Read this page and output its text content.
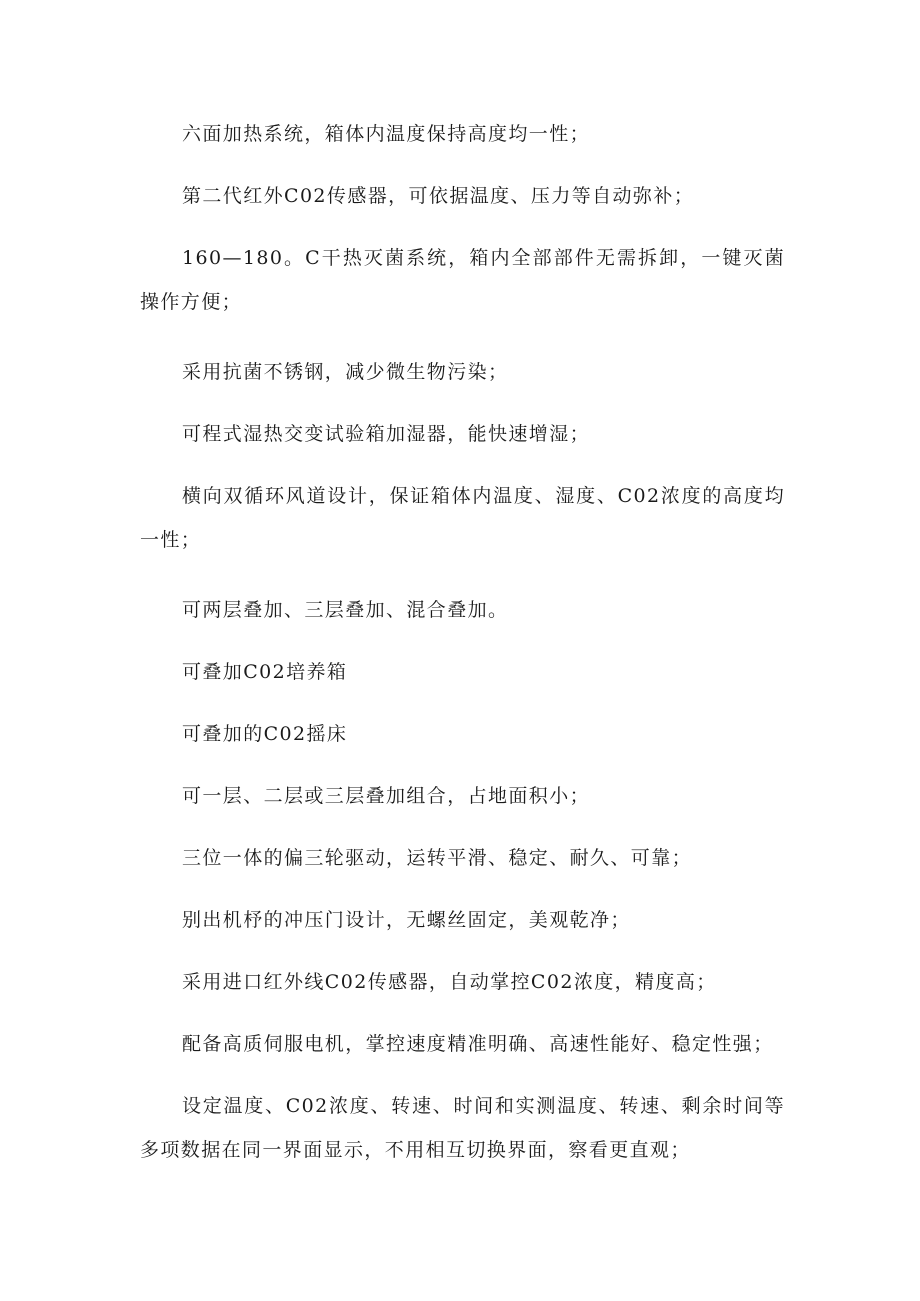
六面加热系统，箱体内温度保持高度均一性；

第二代红外C02传感器，可依据温度、压力等自动弥补；

160—180。C干热灭菌系统，箱内全部部件无需拆卸，一键灭菌操作方便；

采用抗菌不锈钢，减少微生物污染；

可程式湿热交变试验箱加湿器，能快速增湿；

横向双循环风道设计，保证箱体内温度、湿度、C02浓度的高度均一性；

可两层叠加、三层叠加、混合叠加。

可叠加C02培养箱

可叠加的C02摇床

可一层、二层或三层叠加组合，占地面积小；

三位一体的偏三轮驱动，运转平滑、稳定、耐久、可靠；

别出机杼的冲压门设计，无螺丝固定，美观乾净；

采用进口红外线C02传感器，自动掌控C02浓度，精度高；

配备高质伺服电机，掌控速度精准明确、高速性能好、稳定性强；

设定温度、C02浓度、转速、时间和实测温度、转速、剩余时间等多项数据在同一界面显示，不用相互切换界面，察看更直观；
